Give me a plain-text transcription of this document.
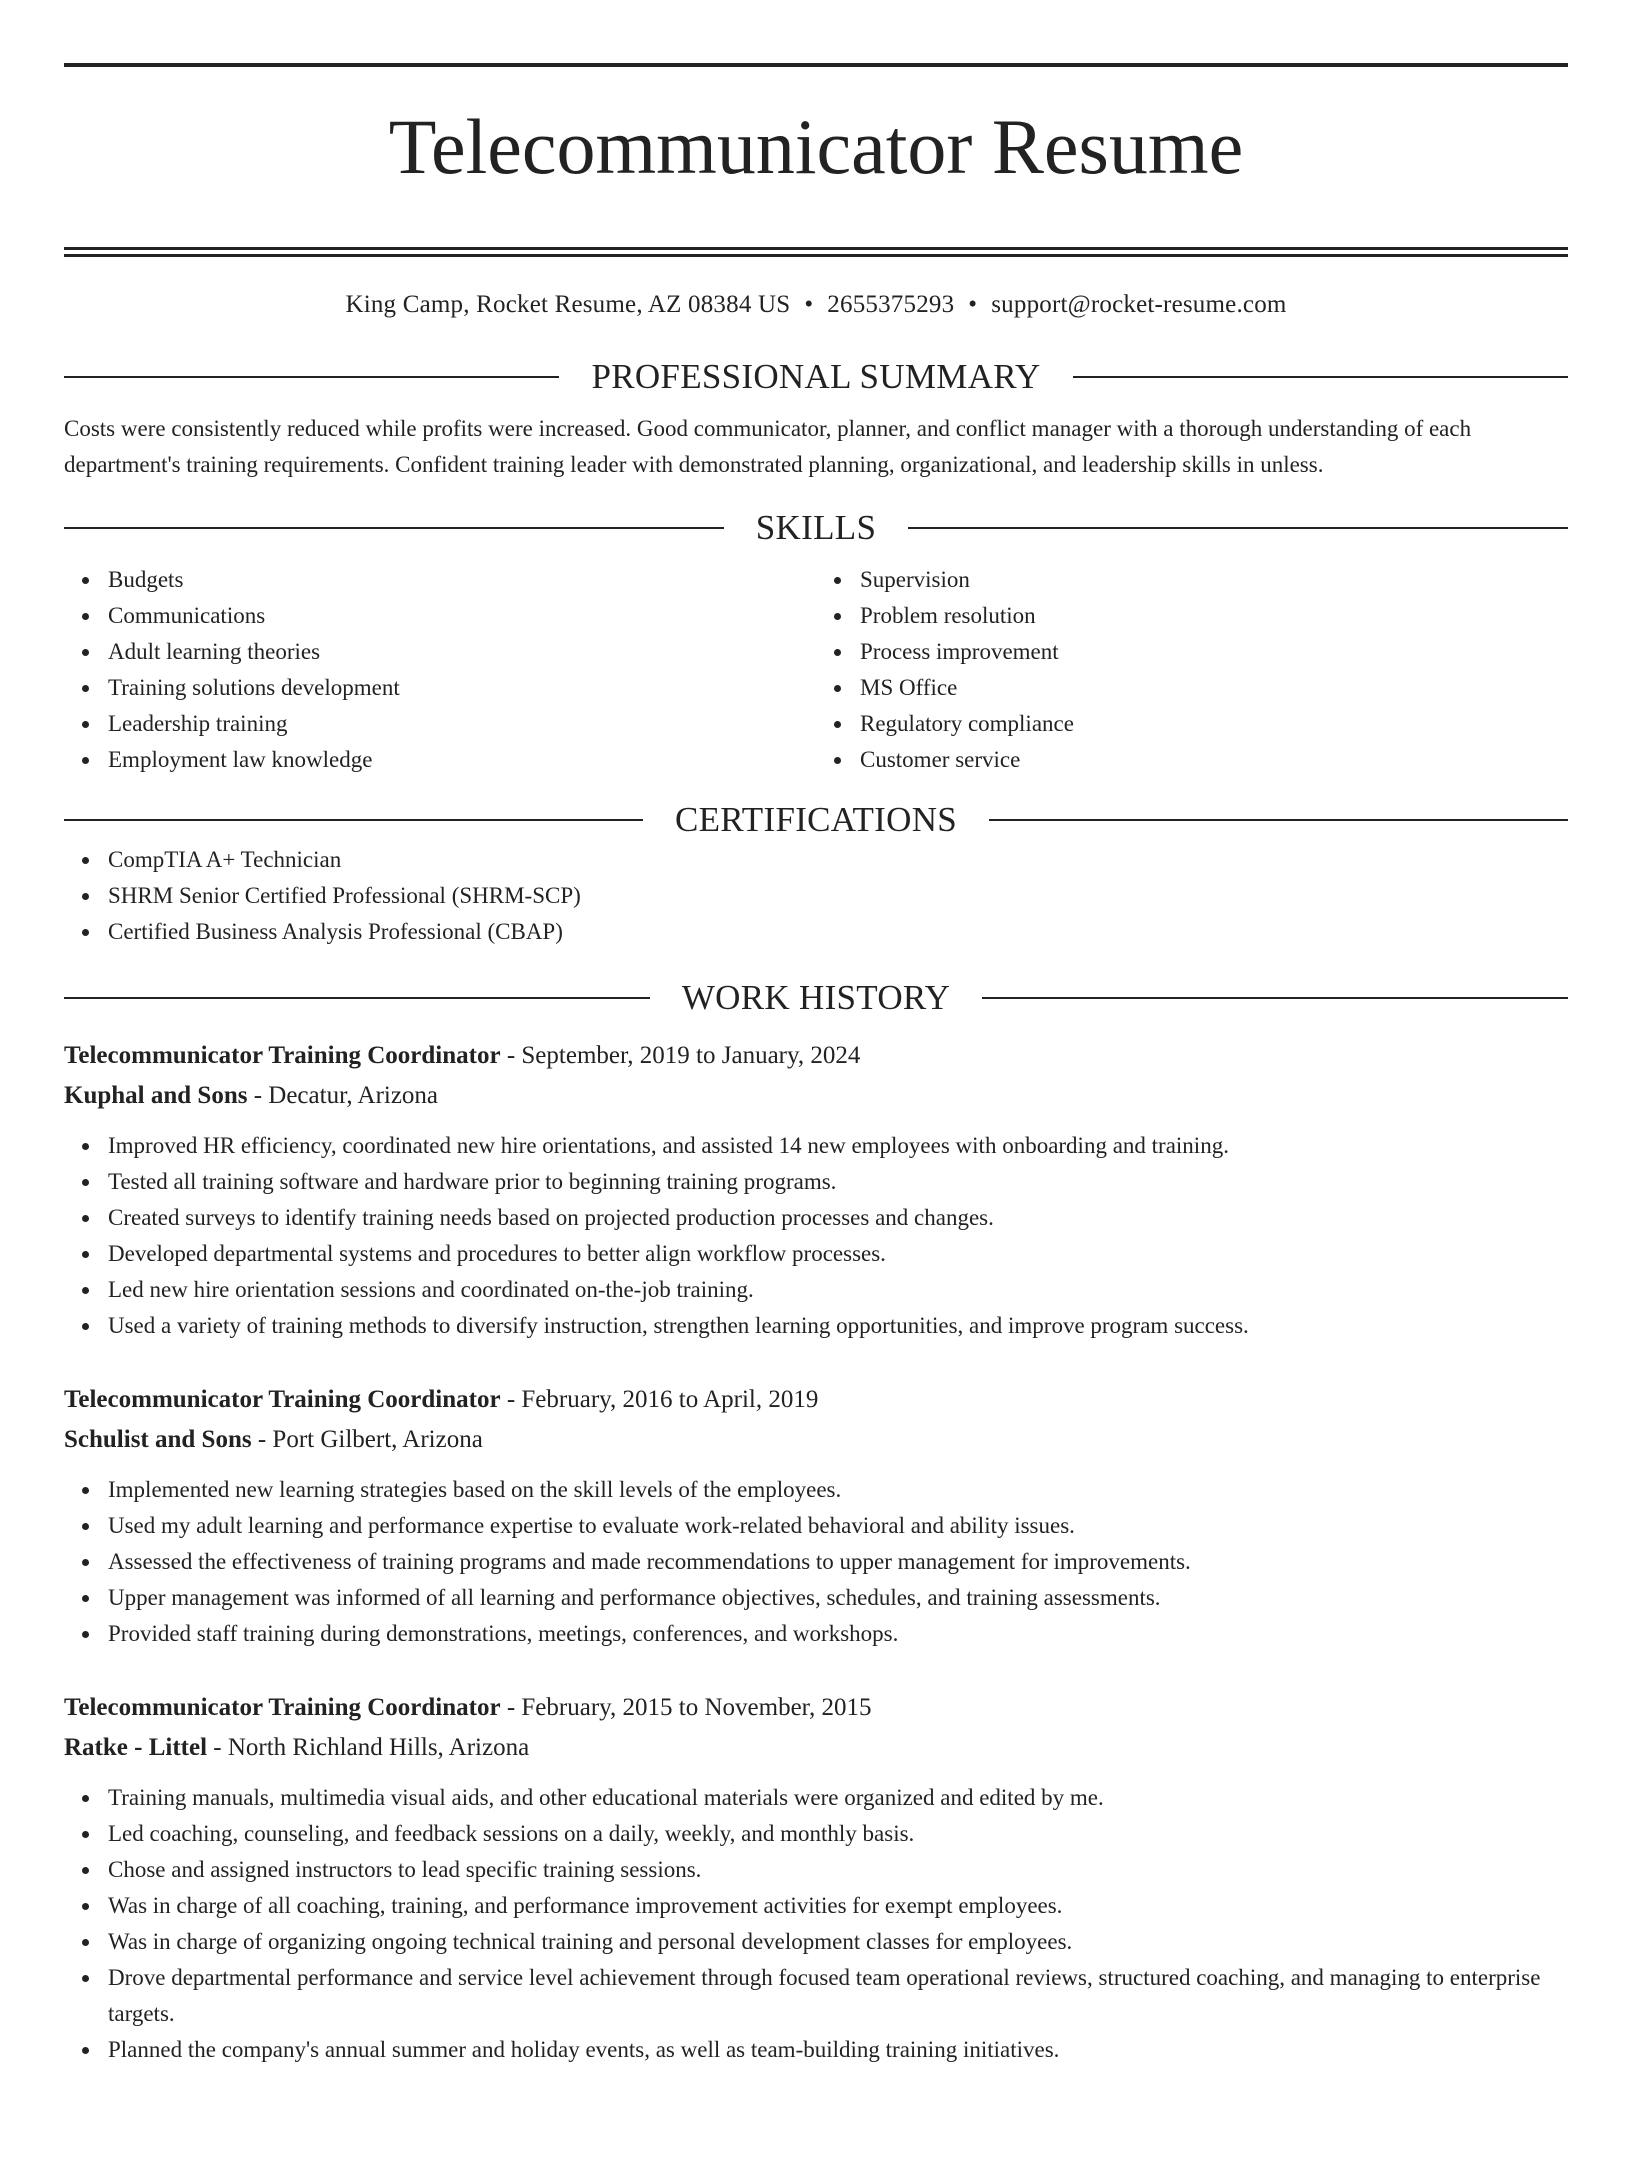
Telecommunicator Resume
King Camp, Rocket Resume, AZ 08384 US • 2655375293 • support@rocket-resume.com
PROFESSIONAL SUMMARY

Costs were consistently reduced while profits were increased. Good communicator, planner, and conflict manager with a thorough understanding of each department's training requirements. Confident training leader with demonstrated planning, organizational, and leadership skills in unless.

SKILLS
Budgets
Communications
Adult learning theories
Training solutions development
Leadership training
Employment law knowledge
Supervision
Problem resolution
Process improvement
MS Office
Regulatory compliance
Customer service
CERTIFICATIONS
CompTIA A+ Technician
SHRM Senior Certified Professional (SHRM-SCP)
Certified Business Analysis Professional (CBAP)
WORK HISTORY
Telecommunicator Training Coordinator - September, 2019 to January, 2024
Kuphal and Sons - Decatur, Arizona
Improved HR efficiency, coordinated new hire orientations, and assisted 14 new employees with onboarding and training.
Tested all training software and hardware prior to beginning training programs.
Created surveys to identify training needs based on projected production processes and changes.
Developed departmental systems and procedures to better align workflow processes.
Led new hire orientation sessions and coordinated on-the-job training.
Used a variety of training methods to diversify instruction, strengthen learning opportunities, and improve program success.
Telecommunicator Training Coordinator - February, 2016 to April, 2019
Schulist and Sons - Port Gilbert, Arizona
Implemented new learning strategies based on the skill levels of the employees.
Used my adult learning and performance expertise to evaluate work-related behavioral and ability issues.
Assessed the effectiveness of training programs and made recommendations to upper management for improvements.
Upper management was informed of all learning and performance objectives, schedules, and training assessments.
Provided staff training during demonstrations, meetings, conferences, and workshops.
Telecommunicator Training Coordinator - February, 2015 to November, 2015
Ratke - Littel - North Richland Hills, Arizona
Training manuals, multimedia visual aids, and other educational materials were organized and edited by me.
Led coaching, counseling, and feedback sessions on a daily, weekly, and monthly basis.
Chose and assigned instructors to lead specific training sessions.
Was in charge of all coaching, training, and performance improvement activities for exempt employees.
Was in charge of organizing ongoing technical training and personal development classes for employees.
Drove departmental performance and service level achievement through focused team operational reviews, structured coaching, and managing to enterprise targets.
Planned the company's annual summer and holiday events, as well as team-building training initiatives.
